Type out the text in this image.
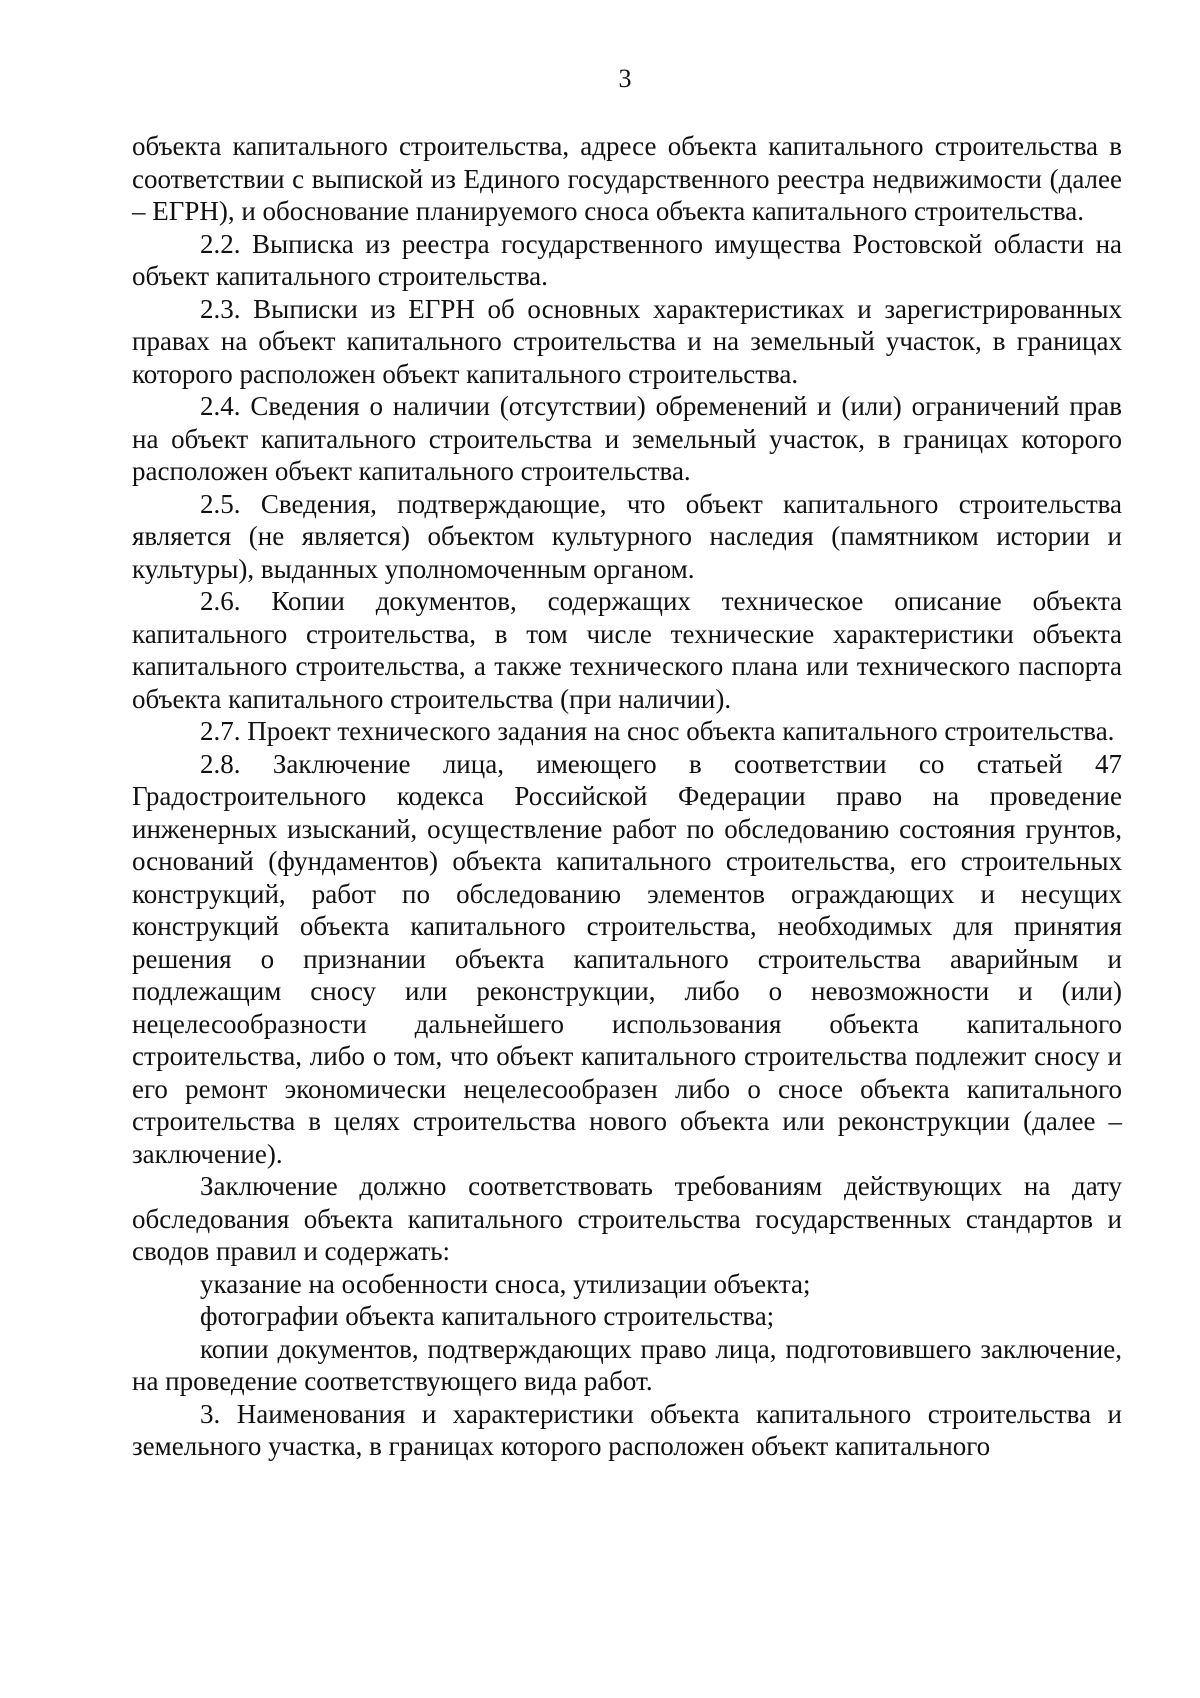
3

объекта капитального строительства, адресе объекта капитального строительства в соответствии с выпиской из Единого государственного реестра недвижимости (далее – ЕГРН), и обоснование планируемого сноса объекта капитального строительства.

2.2. Выписка из реестра государственного имущества Ростовской области на объект капитального строительства.

2.3. Выписки из ЕГРН об основных характеристиках и зарегистрированных правах на объект капитального строительства и на земельный участок, в границах которого расположен объект капитального строительства.

2.4. Сведения о наличии (отсутствии) обременений и (или) ограничений прав на объект капитального строительства и земельный участок, в границах которого расположен объект капитального строительства.

2.5. Сведения, подтверждающие, что объект капитального строительства является (не является) объектом культурного наследия (памятником истории и культуры), выданных уполномоченным органом.

2.6. Копии документов, содержащих техническое описание объекта капитального строительства, в том числе технические характеристики объекта капитального строительства, а также технического плана или технического паспорта объекта капитального строительства (при наличии).

2.7. Проект технического задания на снос объекта капитального строительства.

2.8. Заключение лица, имеющего в соответствии со статьей 47 Градостроительного кодекса Российской Федерации право на проведение инженерных изысканий, осуществление работ по обследованию состояния грунтов, оснований (фундаментов) объекта капитального строительства, его строительных конструкций, работ по обследованию элементов ограждающих и несущих конструкций объекта капитального строительства, необходимых для принятия решения о признании объекта капитального строительства аварийным и подлежащим сносу или реконструкции, либо о невозможности и (или) нецелесообразности дальнейшего использования объекта капитального строительства, либо о том, что объект капитального строительства подлежит сносу и его ремонт экономически нецелесообразен либо о сносе объекта капитального строительства в целях строительства нового объекта или реконструкции (далее – заключение).

Заключение должно соответствовать требованиям действующих на дату обследования объекта капитального строительства государственных стандартов и сводов правил и содержать:

указание на особенности сноса, утилизации объекта;

фотографии объекта капитального строительства;

копии документов, подтверждающих право лица, подготовившего заключение, на проведение соответствующего вида работ.

3. Наименования и характеристики объекта капитального строительства и земельного участка, в границах которого расположен объект капитального
